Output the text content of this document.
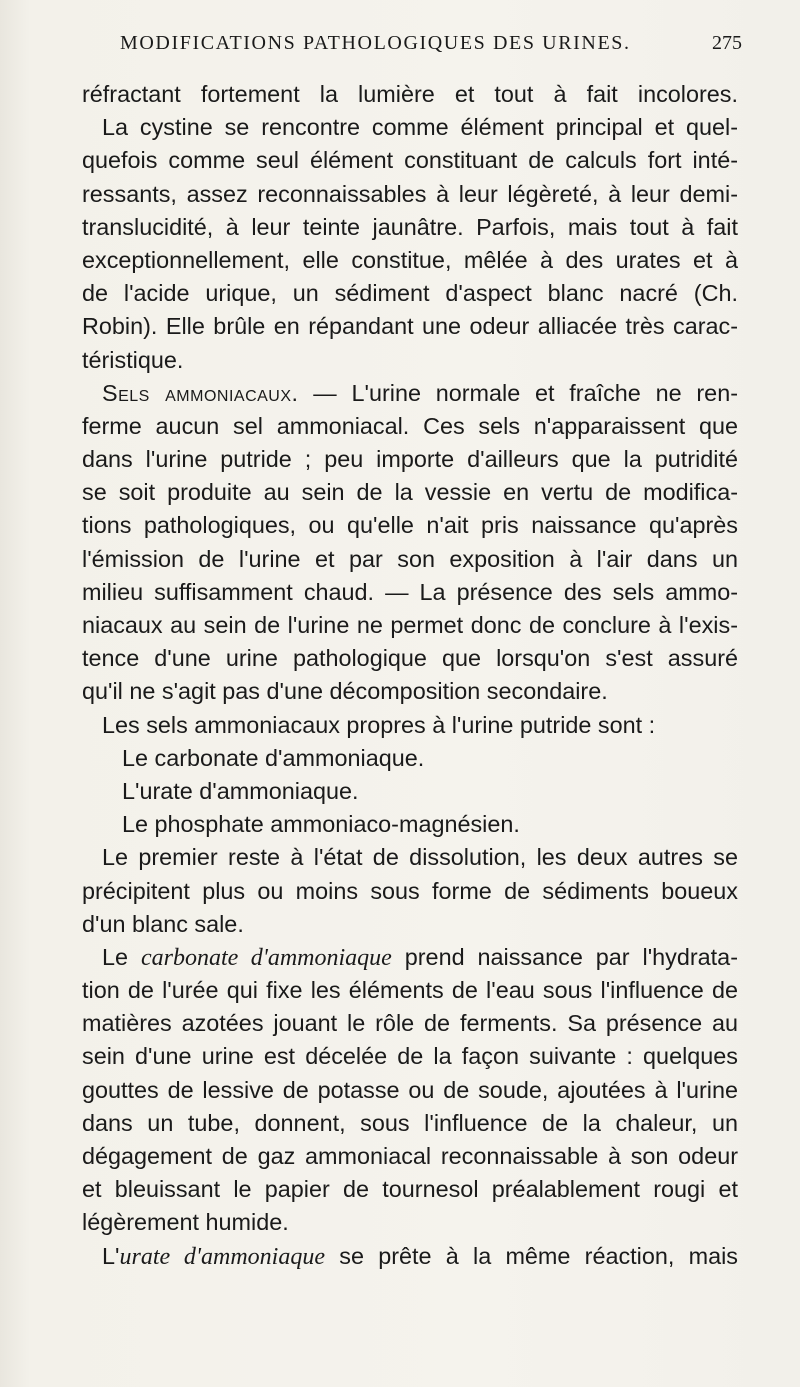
MODIFICATIONS PATHOLOGIQUES DES URINES.	275
réfractant fortement la lumière et tout à fait incolores.
La cystine se rencontre comme élément principal et quel-
quefois comme seul élément constituant de calculs fort inté-
ressants, assez reconnaissables à leur légèreté, à leur demi-
translucidité, à leur teinte jaunâtre. Parfois, mais tout à fait
exceptionnellement, elle constitue, mêlée à des urates et à
de l'acide urique, un sédiment d'aspect blanc nacré (Ch.
Robin). Elle brûle en répandant une odeur alliacée très carac-
téristique.
Sels ammoniacaux. — L'urine normale et fraîche ne ren-
ferme aucun sel ammoniacal. Ces sels n'apparaissent que
dans l'urine putride ; peu importe d'ailleurs que la putridité
se soit produite au sein de la vessie en vertu de modifica-
tions pathologiques, ou qu'elle n'ait pris naissance qu'après
l'émission de l'urine et par son exposition à l'air dans un
milieu suffisamment chaud. — La présence des sels ammo-
niacaux au sein de l'urine ne permet donc de conclure à l'exis-
tence d'une urine pathologique que lorsqu'on s'est assuré
qu'il ne s'agit pas d'une décomposition secondaire.
Les sels ammoniacaux propres à l'urine putride sont :
Le carbonate d'ammoniaque.
L'urate d'ammoniaque.
Le phosphate ammoniaco-magnésien.
Le premier reste à l'état de dissolution, les deux autres se
précipitent plus ou moins sous forme de sédiments boueux
d'un blanc sale.
Le carbonate d'ammoniaque prend naissance par l'hydrata-
tion de l'urée qui fixe les éléments de l'eau sous l'influence de
matières azotées jouant le rôle de ferments. Sa présence au
sein d'une urine est décelée de la façon suivante : quelques
gouttes de lessive de potasse ou de soude, ajoutées à l'urine
dans un tube, donnent, sous l'influence de la chaleur, un
dégagement de gaz ammoniacal reconnaissable à son odeur
et bleuissant le papier de tournesol préalablement rougi et
légèrement humide.
L'urate d'ammoniaque se prête à la même réaction, mais
